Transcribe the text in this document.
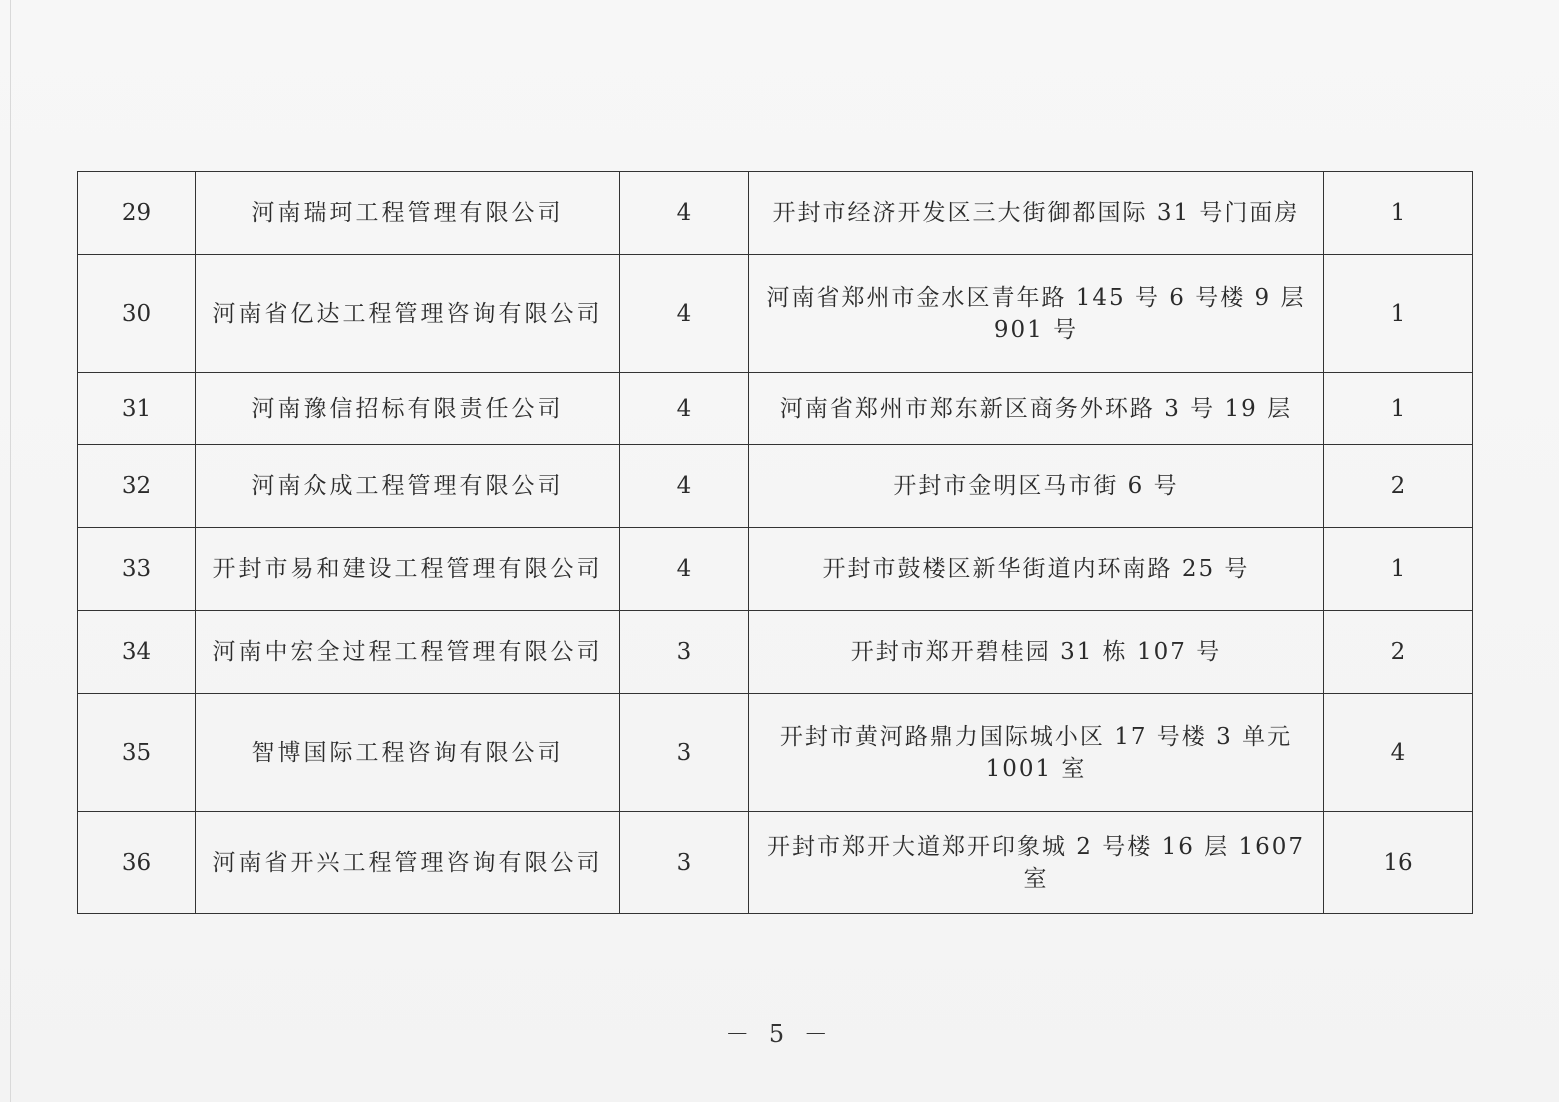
29	河南瑞珂工程管理有限公司	4	开封市经济开发区三大街御都国际 31 号门面房	1
30	河南省亿达工程管理咨询有限公司	4	河南省郑州市金水区青年路 145 号 6 号楼 9 层 901 号	1
31	河南豫信招标有限责任公司	4	河南省郑州市郑东新区商务外环路 3 号 19 层	1
32	河南众成工程管理有限公司	4	开封市金明区马市街 6 号	2
33	开封市易和建设工程管理有限公司	4	开封市鼓楼区新华街道内环南路 25 号	1
34	河南中宏全过程工程管理有限公司	3	开封市郑开碧桂园 31 栋 107 号	2
35	智博国际工程咨询有限公司	3	开封市黄河路鼎力国际城小区 17 号楼 3 单元 1001 室	4
36	河南省开兴工程管理咨询有限公司	3	开封市郑开大道郑开印象城 2 号楼 16 层 1607 室	16
－ 5 －
